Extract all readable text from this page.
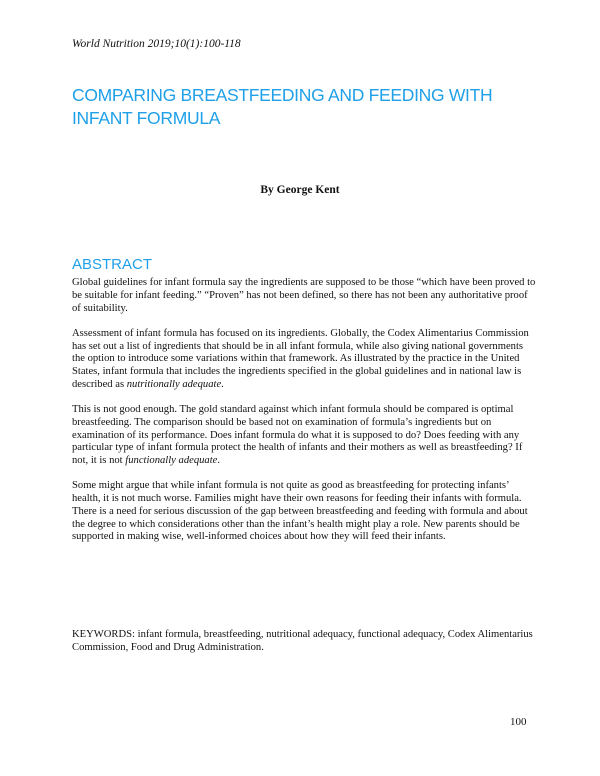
World Nutrition 2019;10(1):100-118
COMPARING BREASTFEEDING AND FEEDING WITH INFANT FORMULA
By George Kent
ABSTRACT

Global guidelines for infant formula say the ingredients are supposed to be those “which have been proved to be suitable for infant feeding.” “Proven” has not been defined, so there has not been any authoritative proof of suitability.

Assessment of infant formula has focused on its ingredients. Globally, the Codex Alimentarius Commission has set out a list of ingredients that should be in all infant formula, while also giving national governments the option to introduce some variations within that framework. As illustrated by the practice in the United States, infant formula that includes the ingredients specified in the global guidelines and in national law is described as nutritionally adequate.

This is not good enough. The gold standard against which infant formula should be compared is optimal breastfeeding. The comparison should be based not on examination of formula’s ingredients but on examination of its performance. Does infant formula do what it is supposed to do? Does feeding with any particular type of infant formula protect the health of infants and their mothers as well as breastfeeding? If not, it is not functionally adequate.

Some might argue that while infant formula is not quite as good as breastfeeding for protecting infants’ health, it is not much worse. Families might have their own reasons for feeding their infants with formula. There is a need for serious discussion of the gap between breastfeeding and feeding with formula and about the degree to which considerations other than the infant’s health might play a role. New parents should be supported in making wise, well-informed choices about how they will feed their infants.

KEYWORDS: infant formula, breastfeeding, nutritional adequacy, functional adequacy, Codex Alimentarius Commission, Food and Drug Administration.
100
